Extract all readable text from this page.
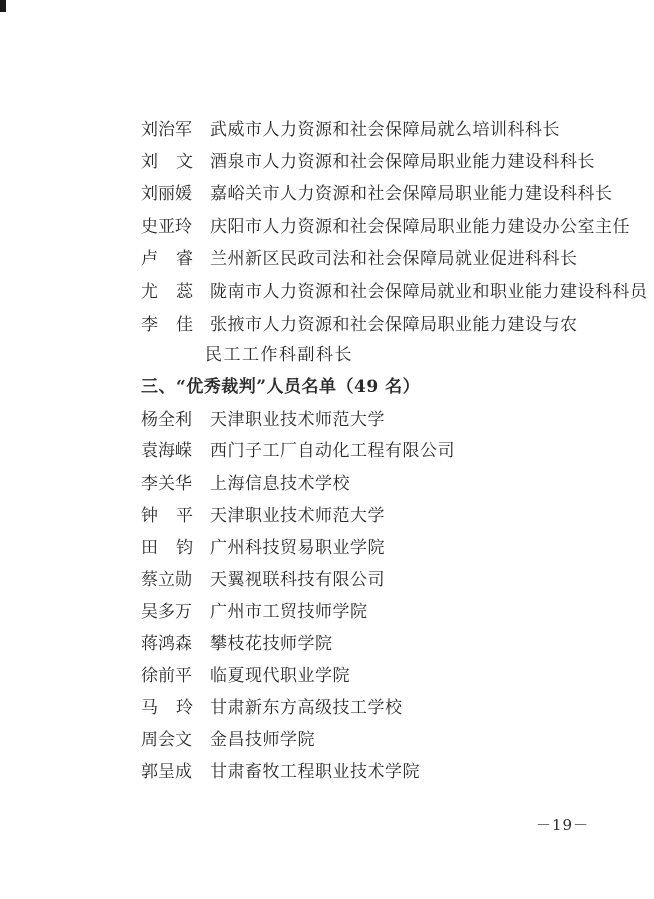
刘治军	武威市人力资源和社会保障局就么培训科科长
刘文 酒泉市人力资源和社会保障局职业能力建设科科长
刘丽媛	嘉峪关市人力资源和社会保障局职业能力建设科科长
史亚玲	庆阳市人力资源和社会保障局职业能力建设办公室主任
卢睿 兰州新区民政司法和社会保障局就业促进科科长
尤蕊 陇南市人力资源和社会保障局就业和职业能力建设科科员
李佳 张掖市人力资源和社会保障局职业能力建设与农
民工工作科副科长
三、“优秀裁判”人员名单（49 名）
杨全利	天津职业技术师范大学
袁海嵘	西门子工厂自动化工程有限公司
李关华	上海信息技术学校
钟平 天津职业技术师范大学
田钧 广州科技贸易职业学院
蔡立勋	天翼视联科技有限公司
吴多万	广州市工贸技师学院
蒋鸿森	攀枝花技师学院
徐前平	临夏现代职业学院
马玲 甘肃新东方高级技工学校
周会文	金昌技师学院
郭呈成	甘肃畜牧工程职业技术学院
－19－
